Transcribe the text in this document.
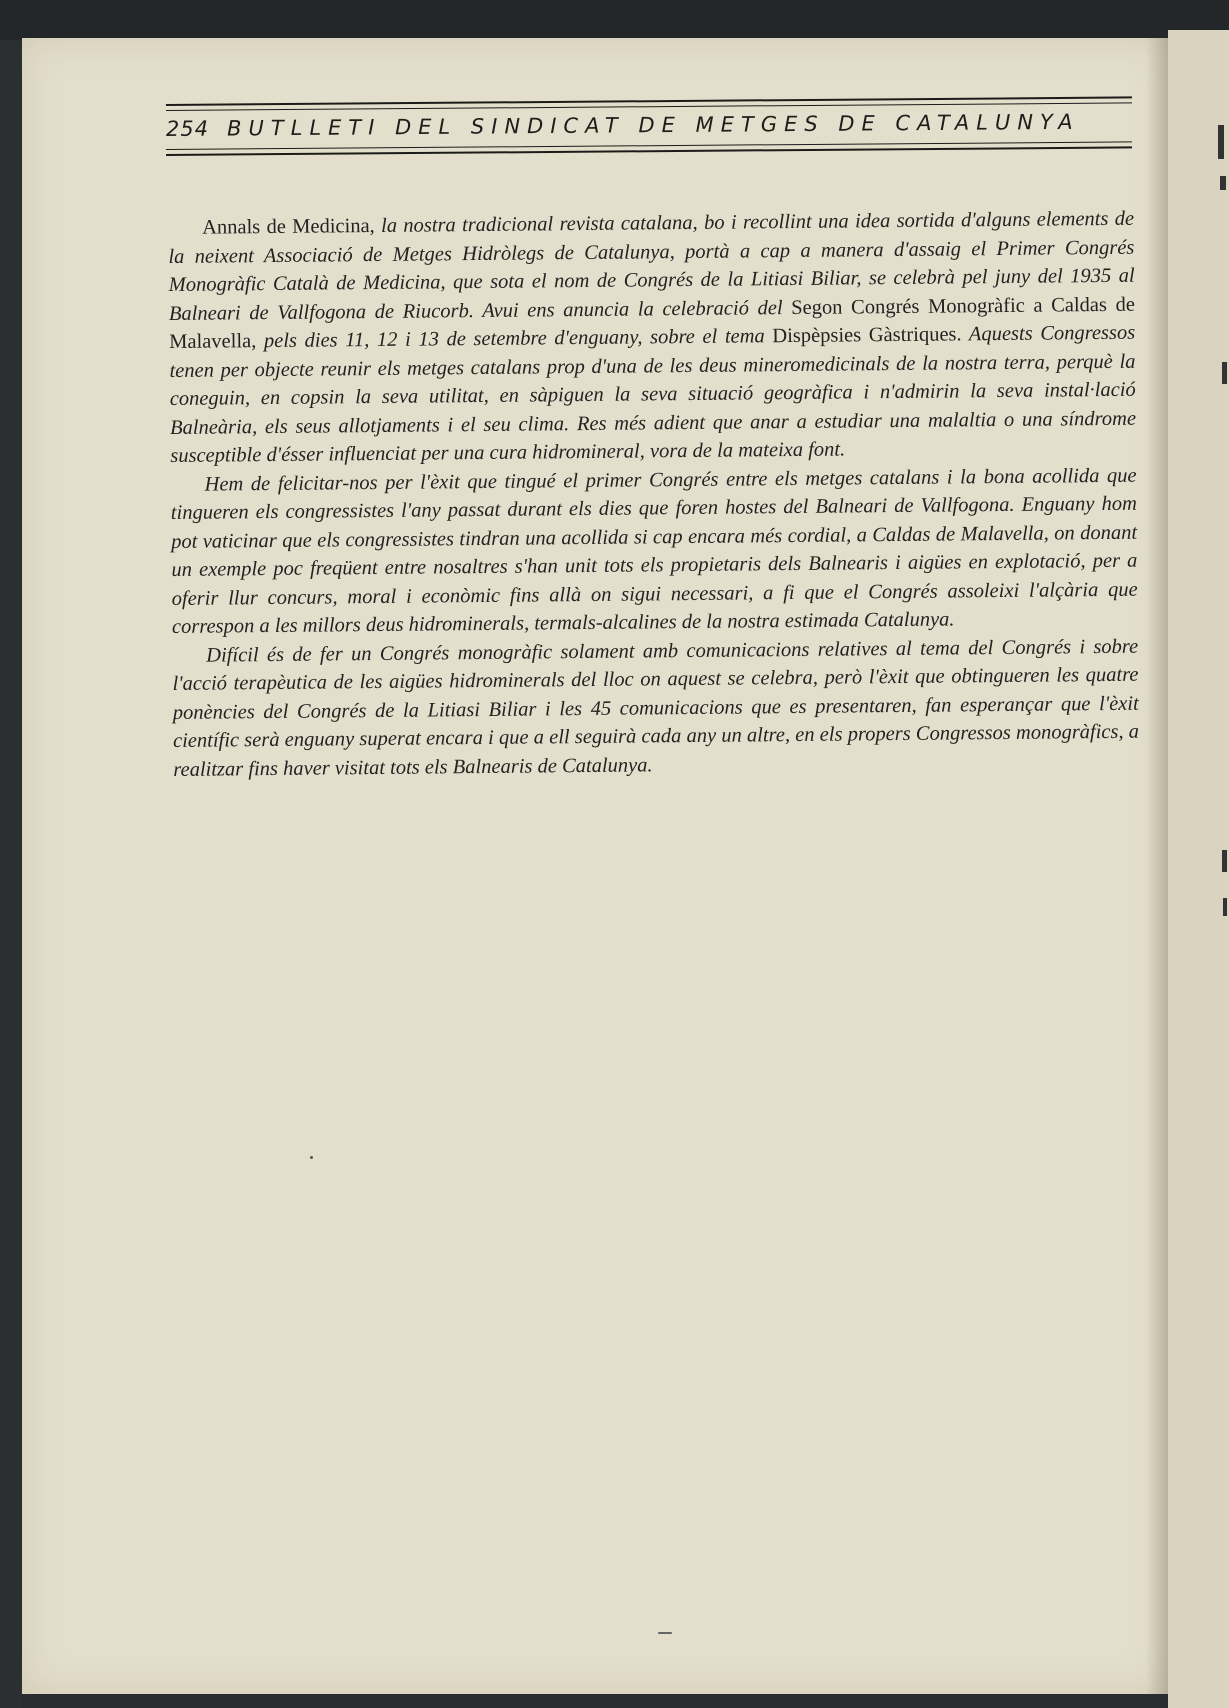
254 BUTLLETI DEL SINDICAT DE METGES DE CATALUNYA

Annals de Medicina, la nostra tradicional revista catalana, bo i recollint una idea sortida d'alguns elements de la neixent Associació de Metges Hidròlegs de Catalunya, portà a cap a manera d'assaig el Primer Congrés Monogràfic Català de Medicina, que sota el nom de Congrés de la Litiasi Biliar, se celebrà pel juny del 1935 al Balneari de Vallfogona de Riucorb. Avui ens anuncia la celebració del Segon Congrés Monogràfic a Caldas de Malavella, pels dies 11, 12 i 13 de setembre d'enguany, sobre el tema Dispèpsies Gàstriques. Aquests Congressos tenen per objecte reunir els metges catalans prop d'una de les deus mineromedicinals de la nostra terra, perquè la coneguin, en copsin la seva utilitat, en sàpiguen la seva situació geogràfica i n'admirin la seva instal·lació Balneària, els seus allotjaments i el seu clima. Res més adient que anar a estudiar una malaltia o una síndrome susceptible d'ésser influenciat per una cura hidromineral, vora de la mateixa font.

Hem de felicitar-nos per l'èxit que tingué el primer Congrés entre els metges catalans i la bona acollida que tingueren els congressistes l'any passat durant els dies que foren hostes del Balneari de Vallfogona. Enguany hom pot vaticinar que els congressistes tindran una acollida si cap encara més cordial, a Caldas de Malavella, on donant un exemple poc freqüent entre nosaltres s'han unit tots els propietaris dels Balnearis i aigües en explotació, per a oferir llur concurs, moral i econòmic fins allà on sigui necessari, a fi que el Congrés assoleixi l'alçària que correspon a les millors deus hidrominerals, termals-alcalines de la nostra estimada Catalunya.

Difícil és de fer un Congrés monogràfic solament amb comunicacions relatives al tema del Congrés i sobre l'acció terapèutica de les aigües hidrominerals del lloc on aquest se celebra, però l'èxit que obtingueren les quatre ponències del Congrés de la Litiasi Biliar i les 45 comunicacions que es presentaren, fan esperançar que l'èxit científic serà enguany superat encara i que a ell seguirà cada any un altre, en els propers Congressos monogràfics, a realitzar fins haver visitat tots els Balnearis de Catalunya.
